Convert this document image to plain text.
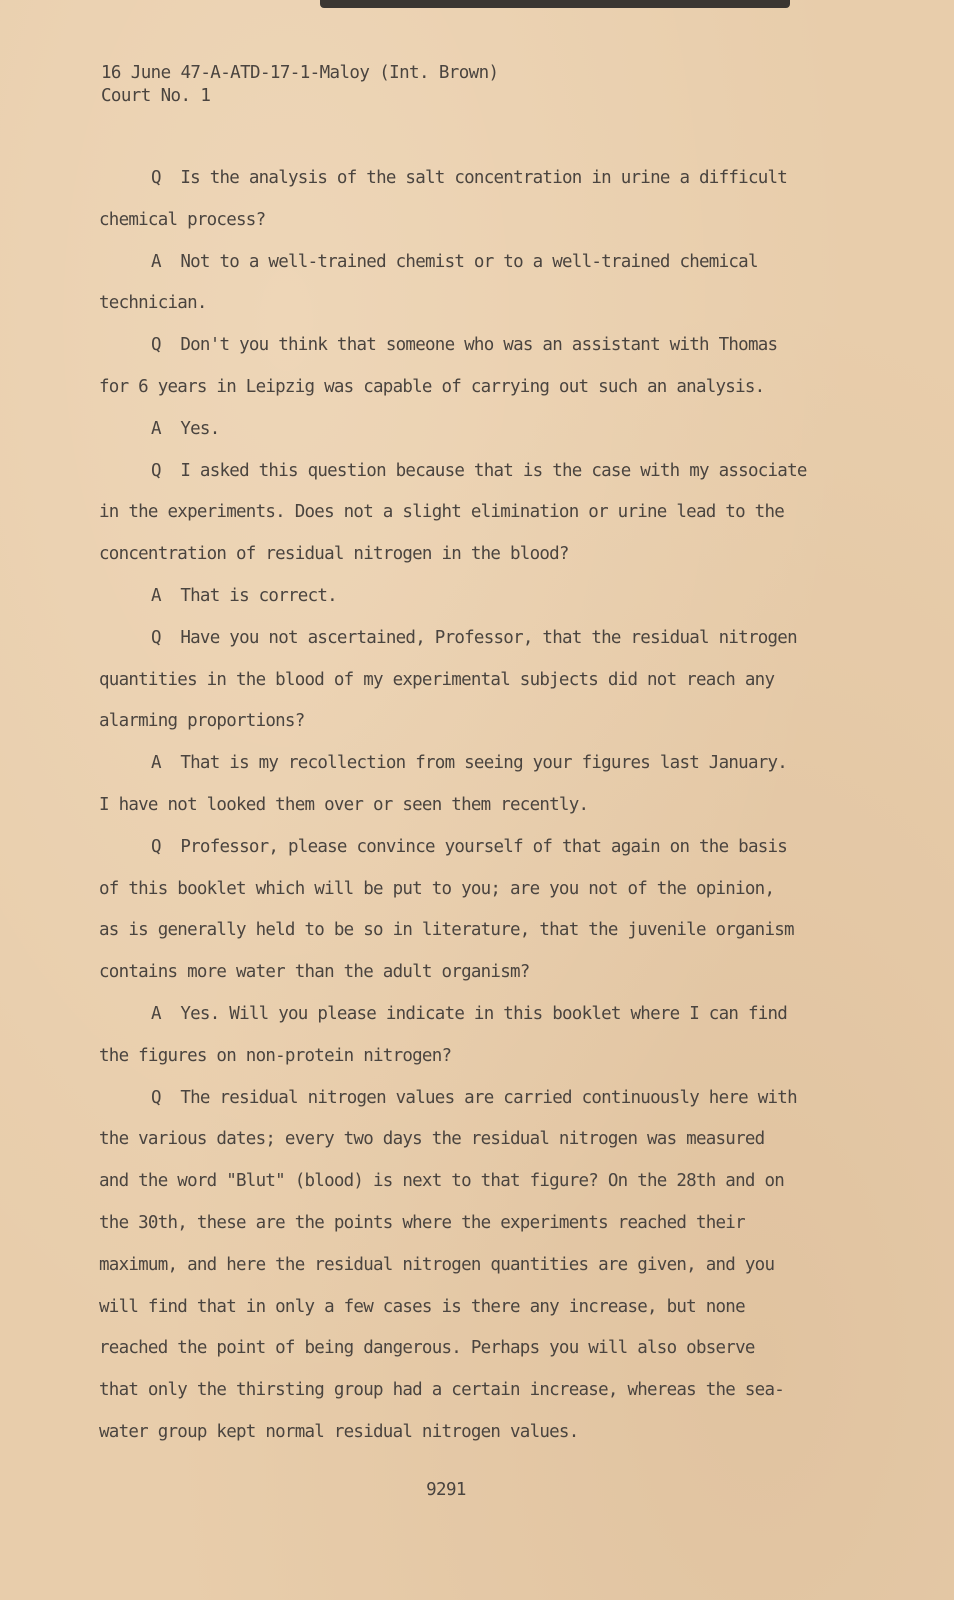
16 June 47-A-ATD-17-1-Maloy (Int. Brown)
Court No. 1
Q  Is the analysis of the salt concentration in urine a difficult
chemical process?
A  Not to a well-trained chemist or to a well-trained chemical
technician.
Q  Don't you think that someone who was an assistant with Thomas
for 6 years in Leipzig was capable of carrying out such an analysis.
A  Yes.
Q  I asked this question because that is the case with my associate
in the experiments. Does not a slight elimination or urine lead to the
concentration of residual nitrogen in the blood?
A  That is correct.
Q  Have you not ascertained, Professor, that the residual nitrogen
quantities in the blood of my experimental subjects did not reach any
alarming proportions?
A  That is my recollection from seeing your figures last January.
I have not looked them over or seen them recently.
Q  Professor, please convince yourself of that again on the basis
of this booklet which will be put to you; are you not of the opinion,
as is generally held to be so in literature, that the juvenile organism
contains more water than the adult organism?
A  Yes. Will you please indicate in this booklet where I can find
the figures on non-protein nitrogen?
Q  The residual nitrogen values are carried continuously here with
the various dates; every two days the residual nitrogen was measured
and the word "Blut" (blood) is next to that figure? On the 28th and on
the 30th, these are the points where the experiments reached their
maximum, and here the residual nitrogen quantities are given, and you
will find that in only a few cases is there any increase, but none
reached the point of being dangerous. Perhaps you will also observe
that only the thirsting group had a certain increase, whereas the sea-
water group kept normal residual nitrogen values.
9291
